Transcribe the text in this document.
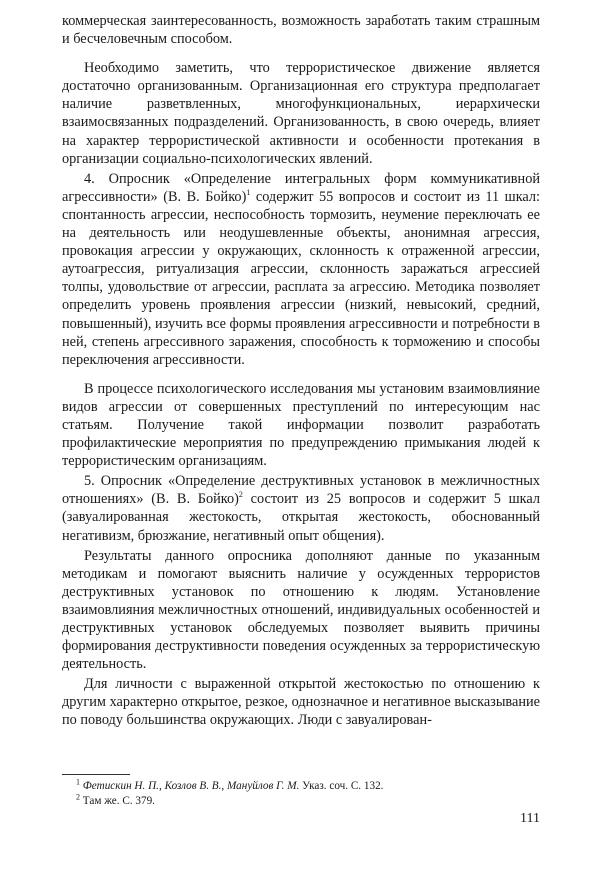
коммерческая заинтересованность, возможность заработать таким страшным и бесчеловечным способом.

Необходимо заметить, что террористическое движение является достаточно организованным. Организационная его структура предполагает наличие разветвленных, многофункциональных, иерархически взаимосвязанных подразделений. Организованность, в свою очередь, влияет на характер террористической активности и особенности протекания в организации социально-психологических явлений.

4. Опросник «Определение интегральных форм коммуникативной агрессивности» (В. В. Бойко)$^1$ содержит 55 вопросов и состоит из 11 шкал: спонтанность агрессии, неспособность тормозить, неумение переключать ее на деятельность или неодушевленные объекты, анонимная агрессия, провокация агрессии у окружающих, склонность к отраженной агрессии, аутоагрессия, ритуализация агрессии, склонность заражаться агрессией толпы, удовольствие от агрессии, расплата за агрессию. Методика позволяет определить уровень проявления агрессии (низкий, невысокий, средний, повышенный), изучить все формы проявления агрессивности и потребности в ней, степень агрессивного заражения, способность к торможению и способы переключения агрессивности.

В процессе психологического исследования мы установим взаимовлияние видов агрессии от совершенных преступлений по интересующим нас статьям. Получение такой информации позволит разработать профилактические мероприятия по предупреждению примыкания людей к террористическим организациям.

5. Опросник «Определение деструктивных установок в межличностных отношениях» (В. В. Бойко)$^2$ состоит из 25 вопросов и содержит 5 шкал (завуалированная жестокость, открытая жестокость, обоснованный негативизм, брюзжание, негативный опыт общения).

Результаты данного опросника дополняют данные по указанным методикам и помогают выяснить наличие у осужденных террористов деструктивных установок по отношению к людям. Установление взаимовлияния межличностных отношений, индивидуальных особенностей и деструктивных установок обследуемых позволяет выявить причины формирования деструктивности поведения осужденных за террористическую деятельность.

Для личности с выраженной открытой жестокостью по отношению к другим характерно открытое, резкое, однозначное и негативное высказывание по поводу большинства окружающих. Люди с завуалирован-

$^1$ Фетискин Н. П., Козлов В. В., Мануйлов Г. М. Указ. соч. С. 132.

$^2$ Там же. С. 379.

111
